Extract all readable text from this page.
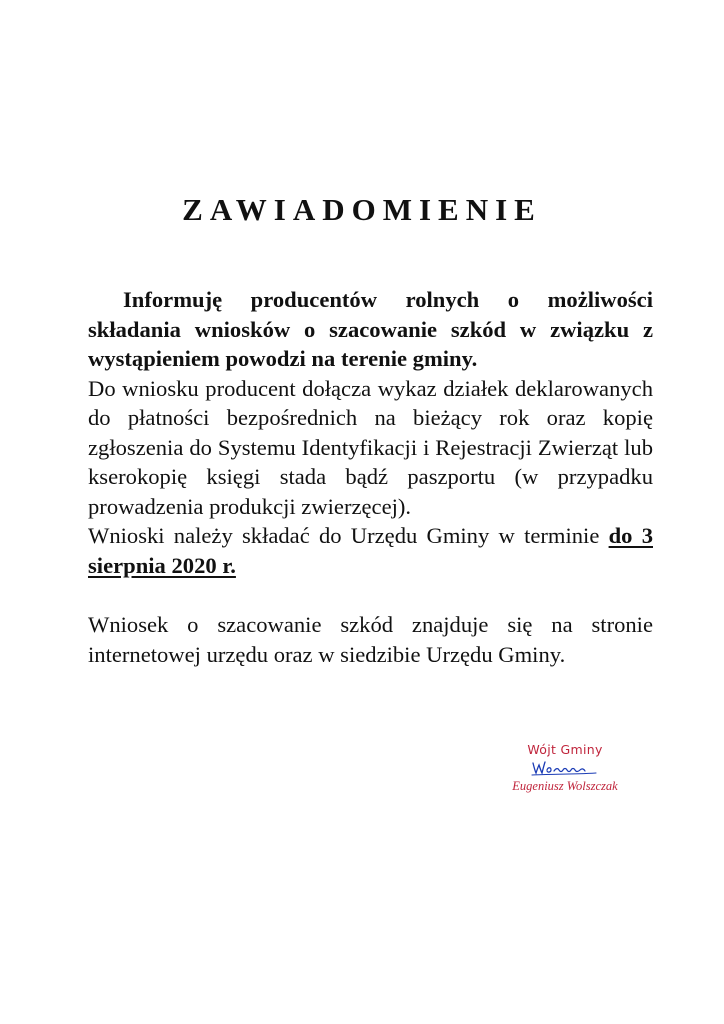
ZAWIADOMIENIE

Informuję producentów rolnych o możliwości składania wniosków o szacowanie szkód w związku z wystąpieniem powodzi na terenie gminy.

Do wniosku producent dołącza wykaz działek deklarowanych do płatności bezpośrednich na bieżący rok oraz kopię zgłoszenia do Systemu Identyfikacji i Rejestracji Zwierząt lub kserokopię księgi stada bądź paszportu (w przypadku prowadzenia produkcji zwierzęcej).

Wnioski należy składać do Urzędu Gminy w terminie do 3 sierpnia 2020 r.

Wniosek o szacowanie szkód znajduje się na stronie internetowej urzędu oraz w siedzibie Urzędu Gminy.

Wójt Gminy
Eugeniusz Wolszczak
